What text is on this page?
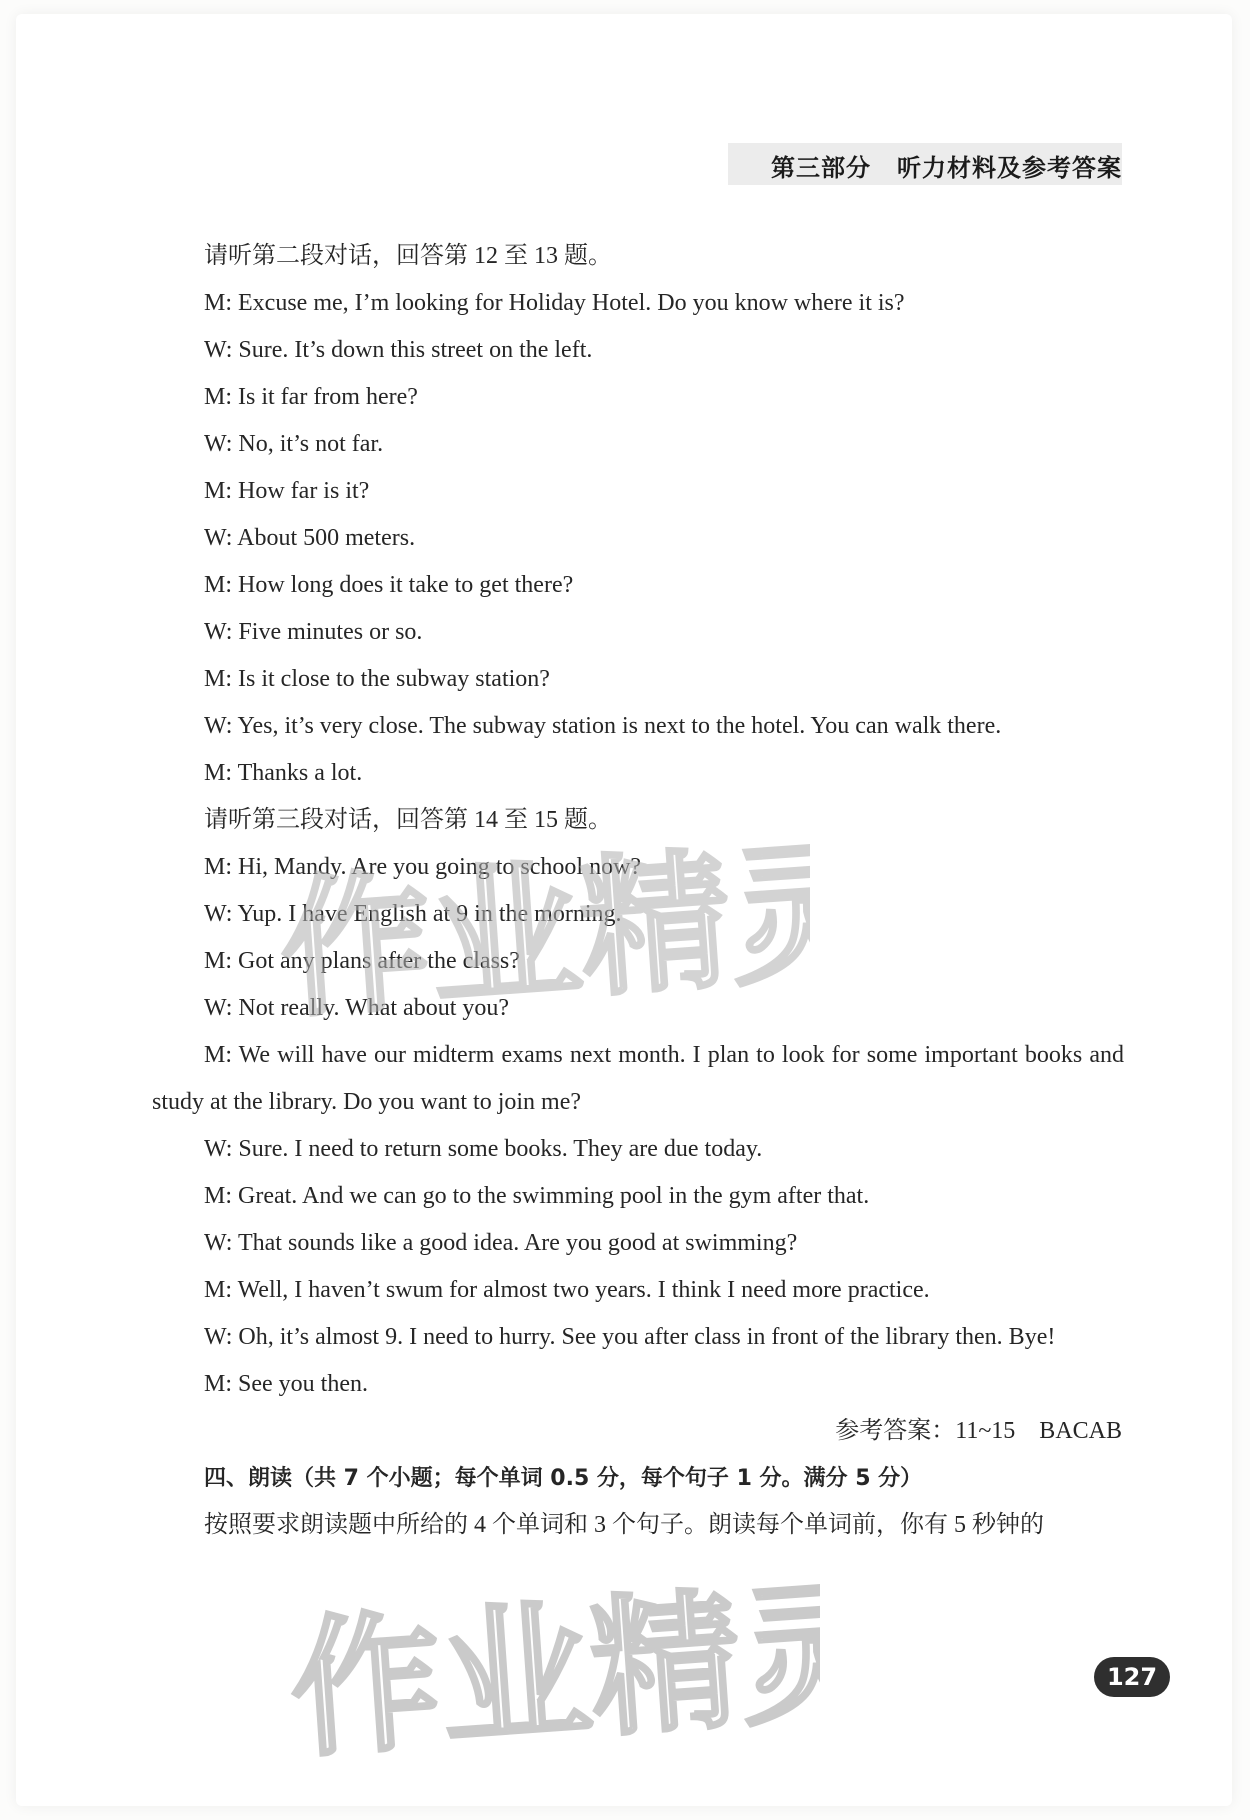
第三部分 听力材料及参考答案
请听第二段对话，回答第 12 至 13 题。
M: Excuse me, I’m looking for Holiday Hotel. Do you know where it is?
W: Sure. It’s down this street on the left.
M: Is it far from here?
W: No, it’s not far.
M: How far is it?
W: About 500 meters.
M: How long does it take to get there?
W: Five minutes or so.
M: Is it close to the subway station?
W: Yes, it’s very close. The subway station is next to the hotel. You can walk there.
M: Thanks a lot.
请听第三段对话，回答第 14 至 15 题。
M: Hi, Mandy. Are you going to school now?
W: Yup. I have English at 9 in the morning.
M: Got any plans after the class?
W: Not really. What about you?
M: We will have our midterm exams next month. I plan to look for some important books and study at the library. Do you want to join me?
W: Sure. I need to return some books. They are due today.
M: Great. And we can go to the swimming pool in the gym after that.
W: That sounds like a good idea. Are you good at swimming?
M: Well, I haven’t swum for almost two years. I think I need more practice.
W: Oh, it’s almost 9. I need to hurry. See you after class in front of the library then. Bye!
M: See you then.
参考答案：11~15　BACAB
四、朗读（共 7 个小题；每个单词 0.5 分，每个句子 1 分。满分 5 分）
按照要求朗读题中所给的 4 个单词和 3 个句子。朗读每个单词前，你有 5 秒钟的
作业精灵
作业精灵	127
